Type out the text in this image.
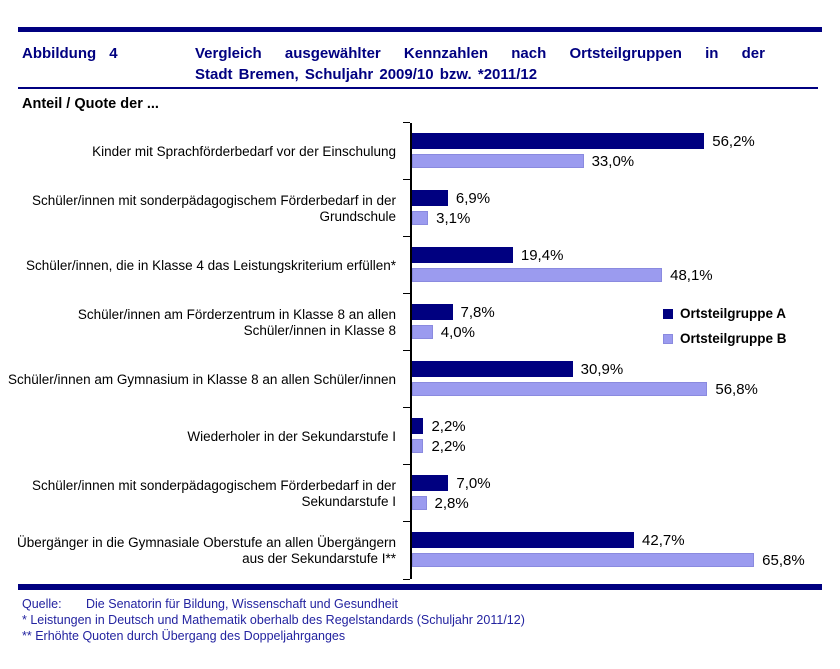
Abbildung 4	Vergleich ausgewählter Kennzahlen nach Ortsteilgruppen in der
Stadt Bremen, Schuljahr 2009/10 bzw. *2011/12
Anteil / Quote der ...
Kinder mit Sprachförderbedarf vor der Einschulung
56,2%
33,0%
Schüler/innen mit sonderpädagogischem Förderbedarf in der Grundschule
6,9%
3,1%
Schüler/innen, die in Klasse 4 das Leistungskriterium erfüllen*
19,4%
48,1%
Schüler/innen am Förderzentrum in Klasse 8 an allen Schüler/innen in Klasse 8
7,8%
4,0%
Schüler/innen am Gymnasium in Klasse 8 an allen Schüler/innen
30,9%
56,8%
Wiederholer in der Sekundarstufe I
2,2%
2,2%
Schüler/innen mit sonderpädagogischem Förderbedarf in der Sekundarstufe I
7,0%
2,8%
Übergänger in die Gymnasiale Oberstufe an allen Übergängern aus der Sekundarstufe I**
42,7%
65,8%
Ortsteilgruppe A
Ortsteilgruppe B
Quelle: Die Senatorin für Bildung, Wissenschaft und Gesundheit
* Leistungen in Deutsch und Mathematik oberhalb des Regelstandards (Schuljahr 2011/12)
** Erhöhte Quoten durch Übergang des Doppeljahrganges
